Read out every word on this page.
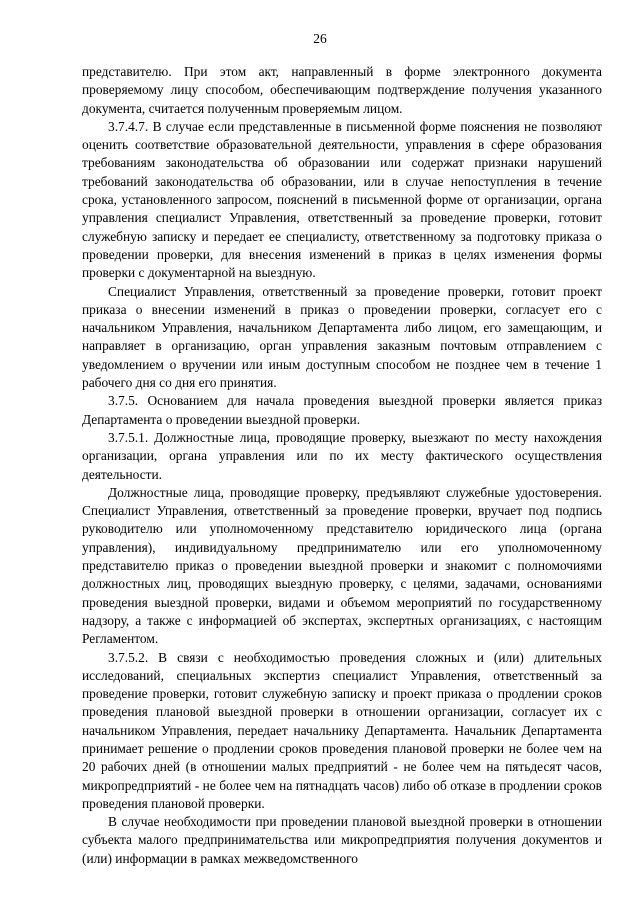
26

представителю. При этом акт, направленный в форме электронного документа проверяемому лицу способом, обеспечивающим подтверждение получения указанного документа, считается полученным проверяемым лицом.

3.7.4.7. В случае если представленные в письменной форме пояснения не позволяют оценить соответствие образовательной деятельности, управления в сфере образования требованиям законодательства об образовании или содержат признаки нарушений требований законодательства об образовании, или в случае непоступления в течение срока, установленного запросом, пояснений в письменной форме от организации, органа управления специалист Управления, ответственный за проведение проверки, готовит служебную записку и передает ее специалисту, ответственному за подготовку приказа о проведении проверки, для внесения изменений в приказ в целях изменения формы проверки с документарной на выездную.

Специалист Управления, ответственный за проведение проверки, готовит проект приказа о внесении изменений в приказ о проведении проверки, согласует его с начальником Управления, начальником Департамента либо лицом, его замещающим, и направляет в организацию, орган управления заказным почтовым отправлением с уведомлением о вручении или иным доступным способом не позднее чем в течение 1 рабочего дня со дня его принятия.

3.7.5. Основанием для начала проведения выездной проверки является приказ Департамента о проведении выездной проверки.

3.7.5.1. Должностные лица, проводящие проверку, выезжают по месту нахождения организации, органа управления или по их месту фактического осуществления деятельности.

Должностные лица, проводящие проверку, предъявляют служебные удостоверения. Специалист Управления, ответственный за проведение проверки, вручает под подпись руководителю или уполномоченному представителю юридического лица (органа управления), индивидуальному предпринимателю или его уполномоченному представителю приказ о проведении выездной проверки и знакомит с полномочиями должностных лиц, проводящих выездную проверку, с целями, задачами, основаниями проведения выездной проверки, видами и объемом мероприятий по государственному надзору, а также с информацией об экспертах, экспертных организациях, с настоящим Регламентом.

3.7.5.2. В связи с необходимостью проведения сложных и (или) длительных исследований, специальных экспертиз специалист Управления, ответственный за проведение проверки, готовит служебную записку и проект приказа о продлении сроков проведения плановой выездной проверки в отношении организации, согласует их с начальником Управления, передает начальнику Департамента. Начальник Департамента принимает решение о продлении сроков проведения плановой проверки не более чем на 20 рабочих дней (в отношении малых предприятий - не более чем на пятьдесят часов, микропредприятий - не более чем на пятнадцать часов) либо об отказе в продлении сроков проведения плановой проверки.

В случае необходимости при проведении плановой выездной проверки в отношении субъекта малого предпринимательства или микропредприятия получения документов и (или) информации в рамках межведомственного
